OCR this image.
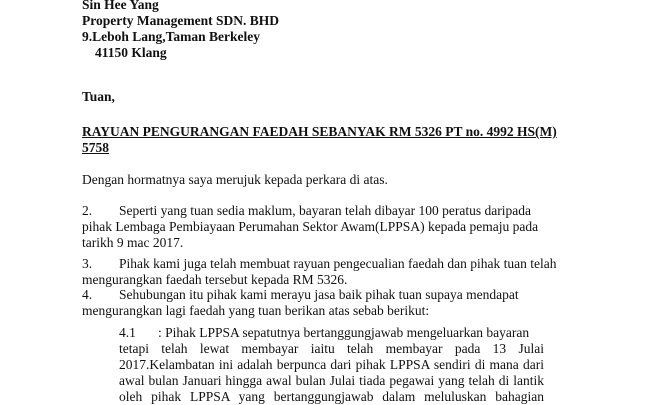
Sin Hee Yang
Property Management SDN. BHD
9.Leboh Lang,Taman Berkeley
41150 Klang
Tuan,
RAYUAN PENGURANGAN FAEDAH SEBANYAK RM 5326 PT no. 4992 HS(M)
5758
Dengan hormatnya saya merujuk kepada perkara di atas.
2. Seperti yang tuan sedia maklum, bayaran telah dibayar 100 peratus daripada
pihak Lembaga Pembiayaan Perumahan Sektor Awam(LPPSA) kepada pemaju pada
tarikh 9 mac 2017.
3. Pihak kami juga telah membuat rayuan pengecualian faedah dan pihak tuan telah
mengurangkan faedah tersebut kepada RM 5326.
4. Sehubungan itu pihak kami merayu jasa baik pihak tuan supaya mendapat
mengurangkan lagi faedah yang tuan berikan atas sebab berikut:
4.1 : Pihak LPPSA sepatutnya bertanggungjawab mengeluarkan bayaran
tetapi telah lewat membayar iaitu telah membayar pada 13 Julai
2017.Kelambatan ini adalah berpunca dari pihak LPPSA sendiri di mana dari
awal bulan Januari hingga awal bulan Julai tiada pegawai yang telah di lantik
oleh pihak LPPSA yang bertanggungjawab dalam meluluskan bahagian
